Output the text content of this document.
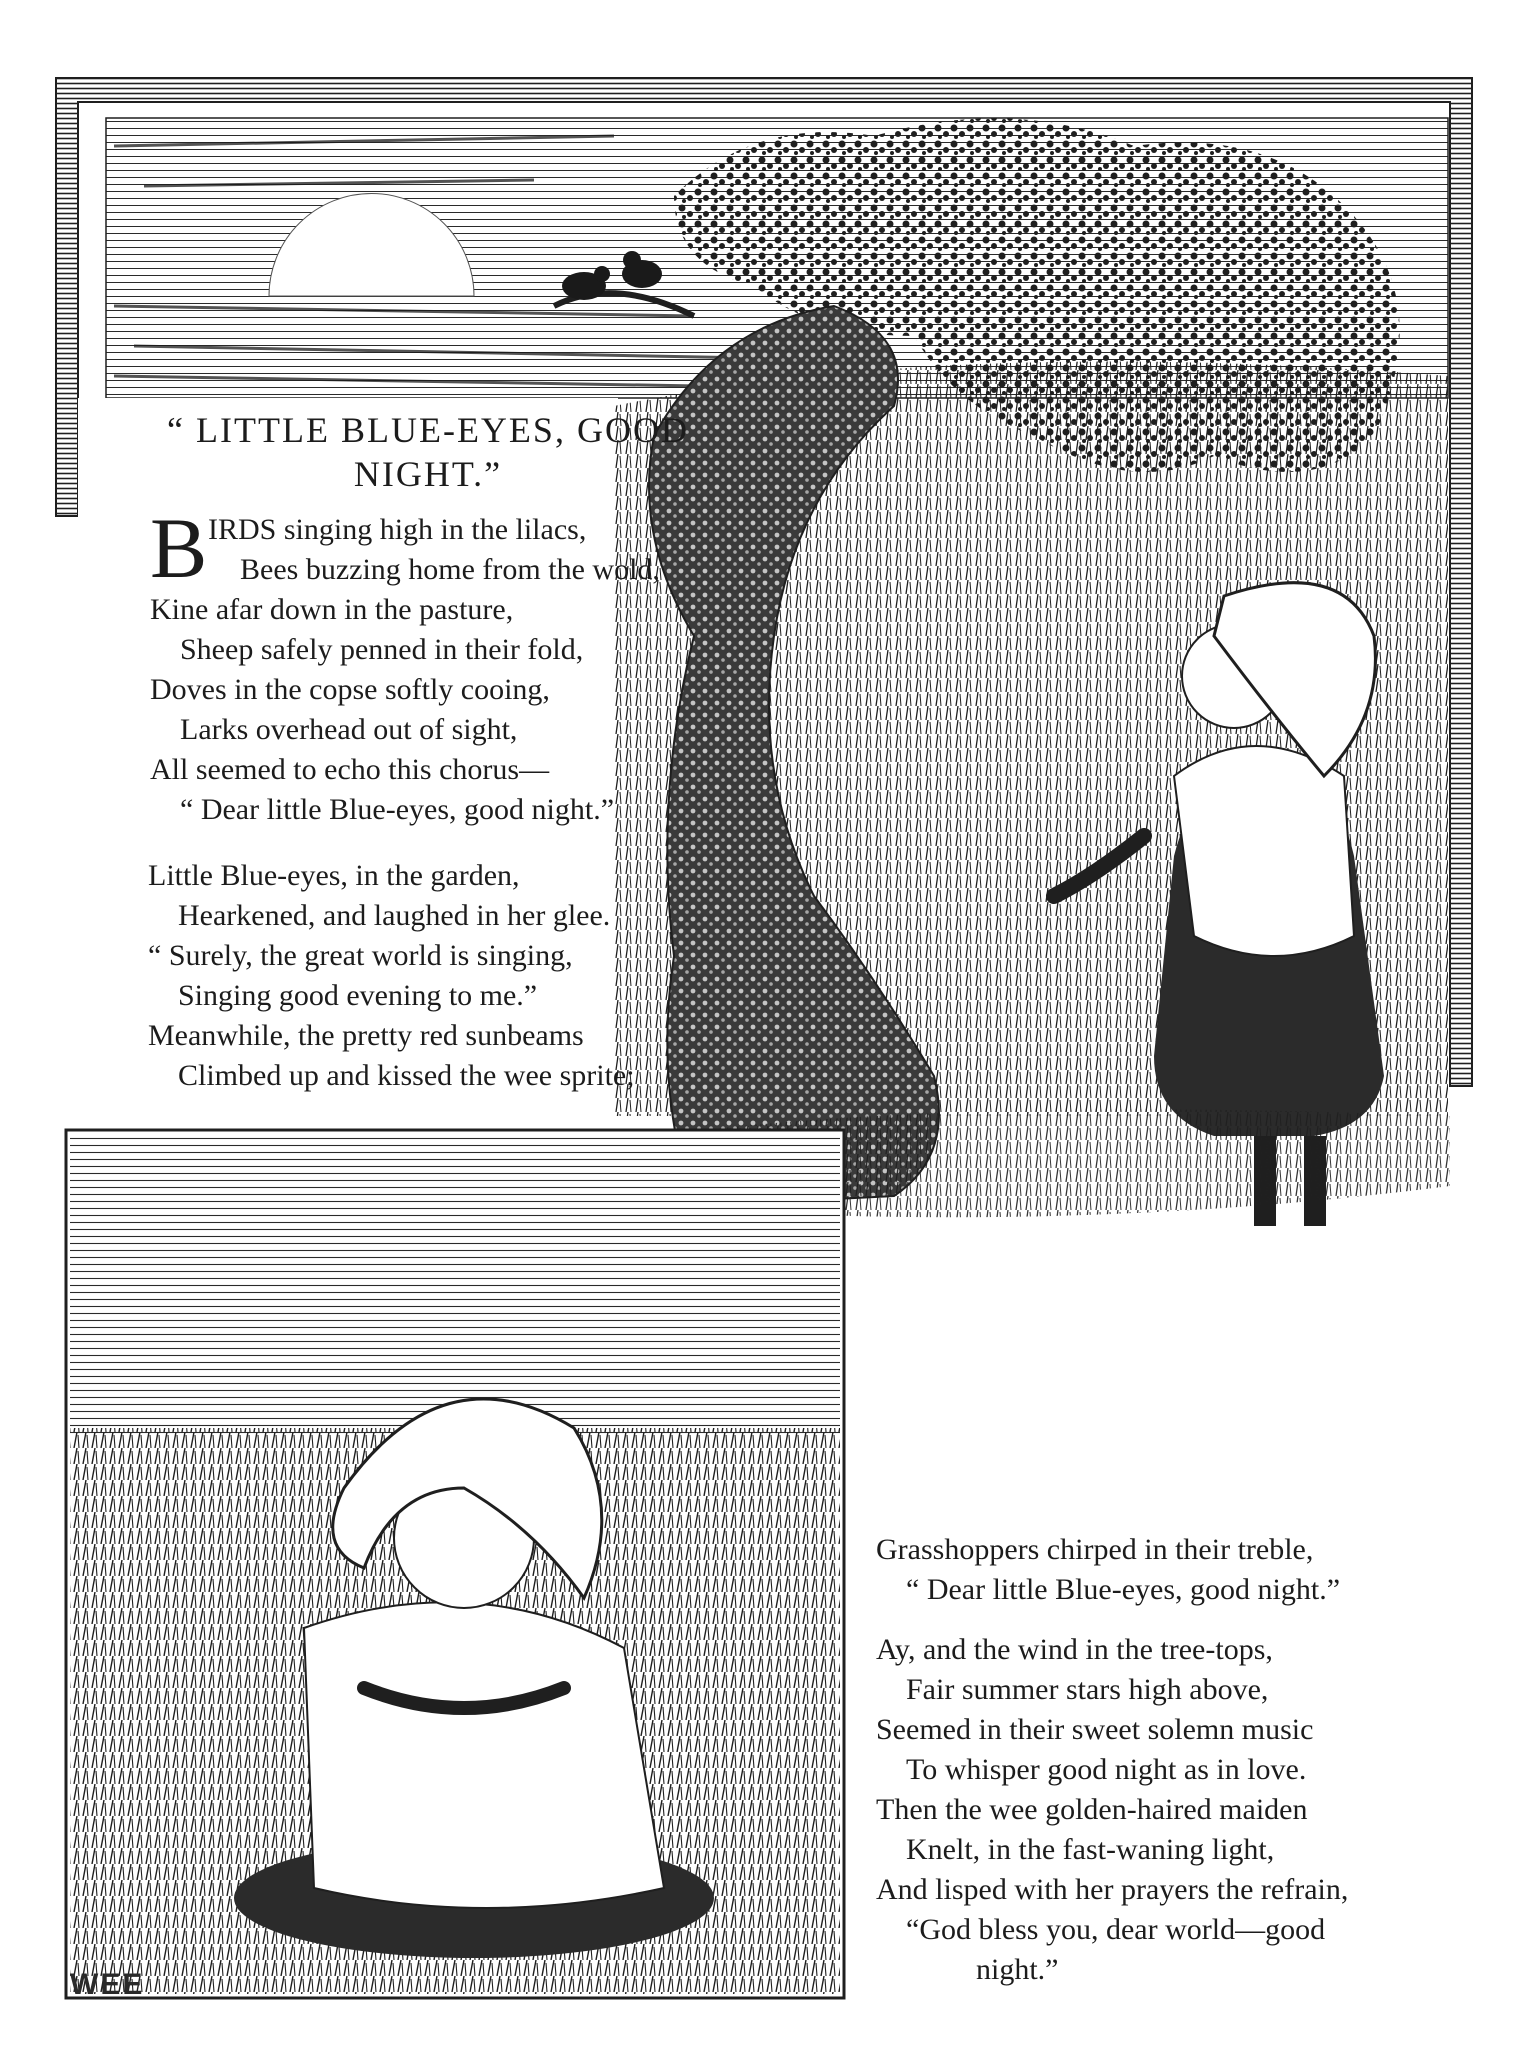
WEE
“ LITTLE BLUE-EYES, GOOD
NIGHT.”
B IRDS singing high in the lilacs,
Bees buzzing home from the wold,
Kine afar down in the pasture,
Sheep safely penned in their fold,
Doves in the copse softly cooing,
Larks overhead out of sight,
All seemed to echo this chorus—
“ Dear little Blue-eyes, good night.”
Little Blue-eyes, in the garden,
Hearkened, and laughed in her glee.
“ Surely, the great world is singing,
Singing good evening to me.”
Meanwhile, the pretty red sunbeams
Climbed up and kissed the wee sprite;
Grasshoppers chirped in their treble,
“ Dear little Blue-eyes, good night.”
Ay, and the wind in the tree-tops,
Fair summer stars high above,
Seemed in their sweet solemn music
To whisper good night as in love.
Then the wee golden-haired maiden
Knelt, in the fast-waning light,
And lisped with her prayers the refrain,
“God bless you, dear world—good
night.”
